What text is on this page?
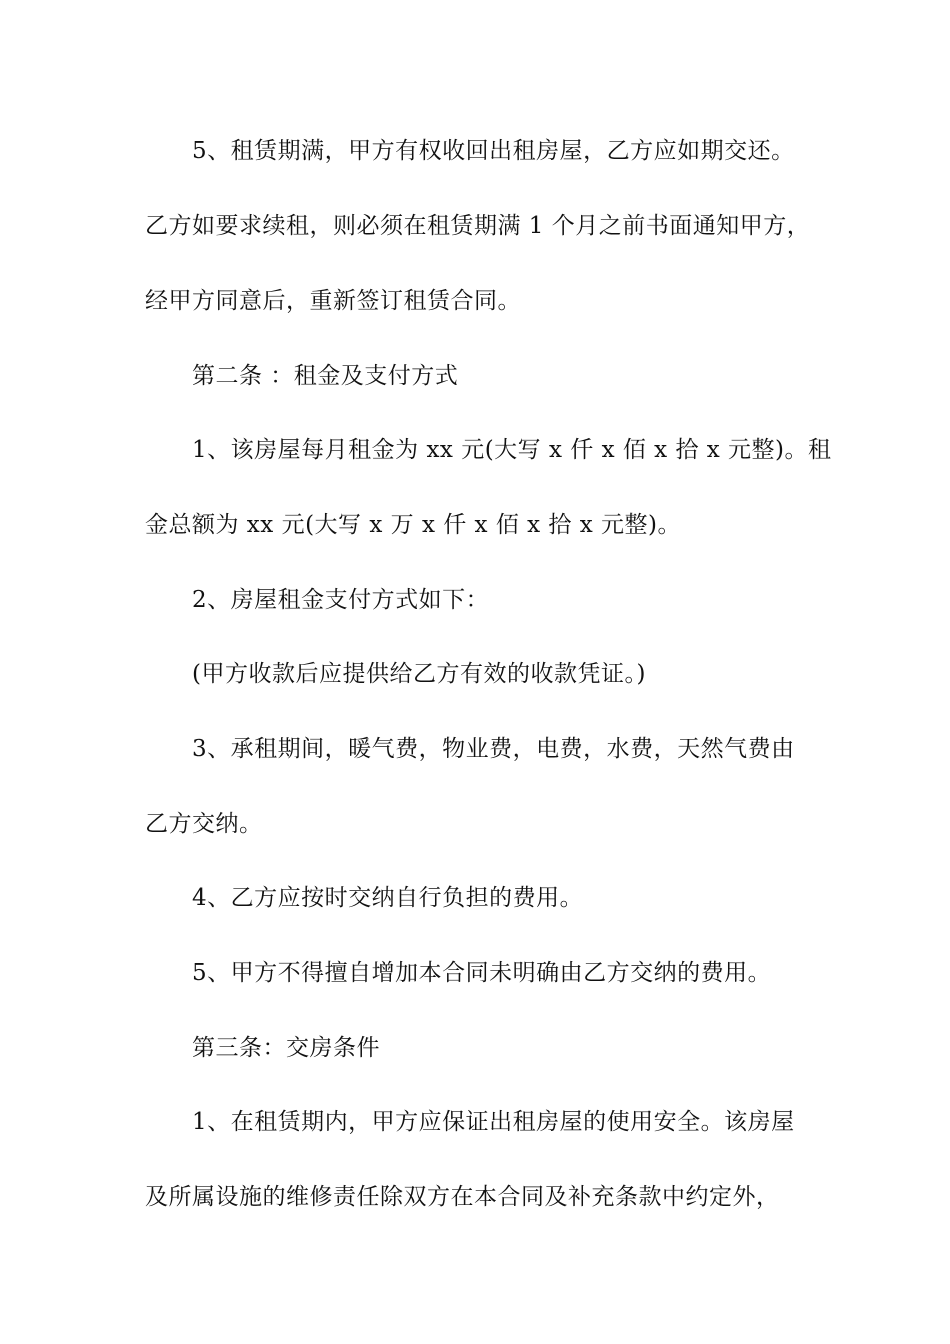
5、租赁期满，甲方有权收回出租房屋，乙方应如期交还。

乙方如要求续租，则必须在租赁期满 1 个月之前书面通知甲方，

经甲方同意后，重新签订租赁合同。

第二条 ：租金及支付方式

1、该房屋每月租金为 xx 元(大写 x 仟 x 佰 x 拾 x 元整)。租

金总额为 xx 元(大写 x 万 x 仟 x 佰 x 拾 x 元整)。

2、房屋租金支付方式如下：

(甲方收款后应提供给乙方有效的收款凭证。)

3、承租期间，暖气费，物业费，电费，水费，天然气费由

乙方交纳。

4、乙方应按时交纳自行负担的费用。

5、甲方不得擅自增加本合同未明确由乙方交纳的费用。

第三条：交房条件

1、在租赁期内，甲方应保证出租房屋的使用安全。该房屋

及所属设施的维修责任除双方在本合同及补充条款中约定外，
